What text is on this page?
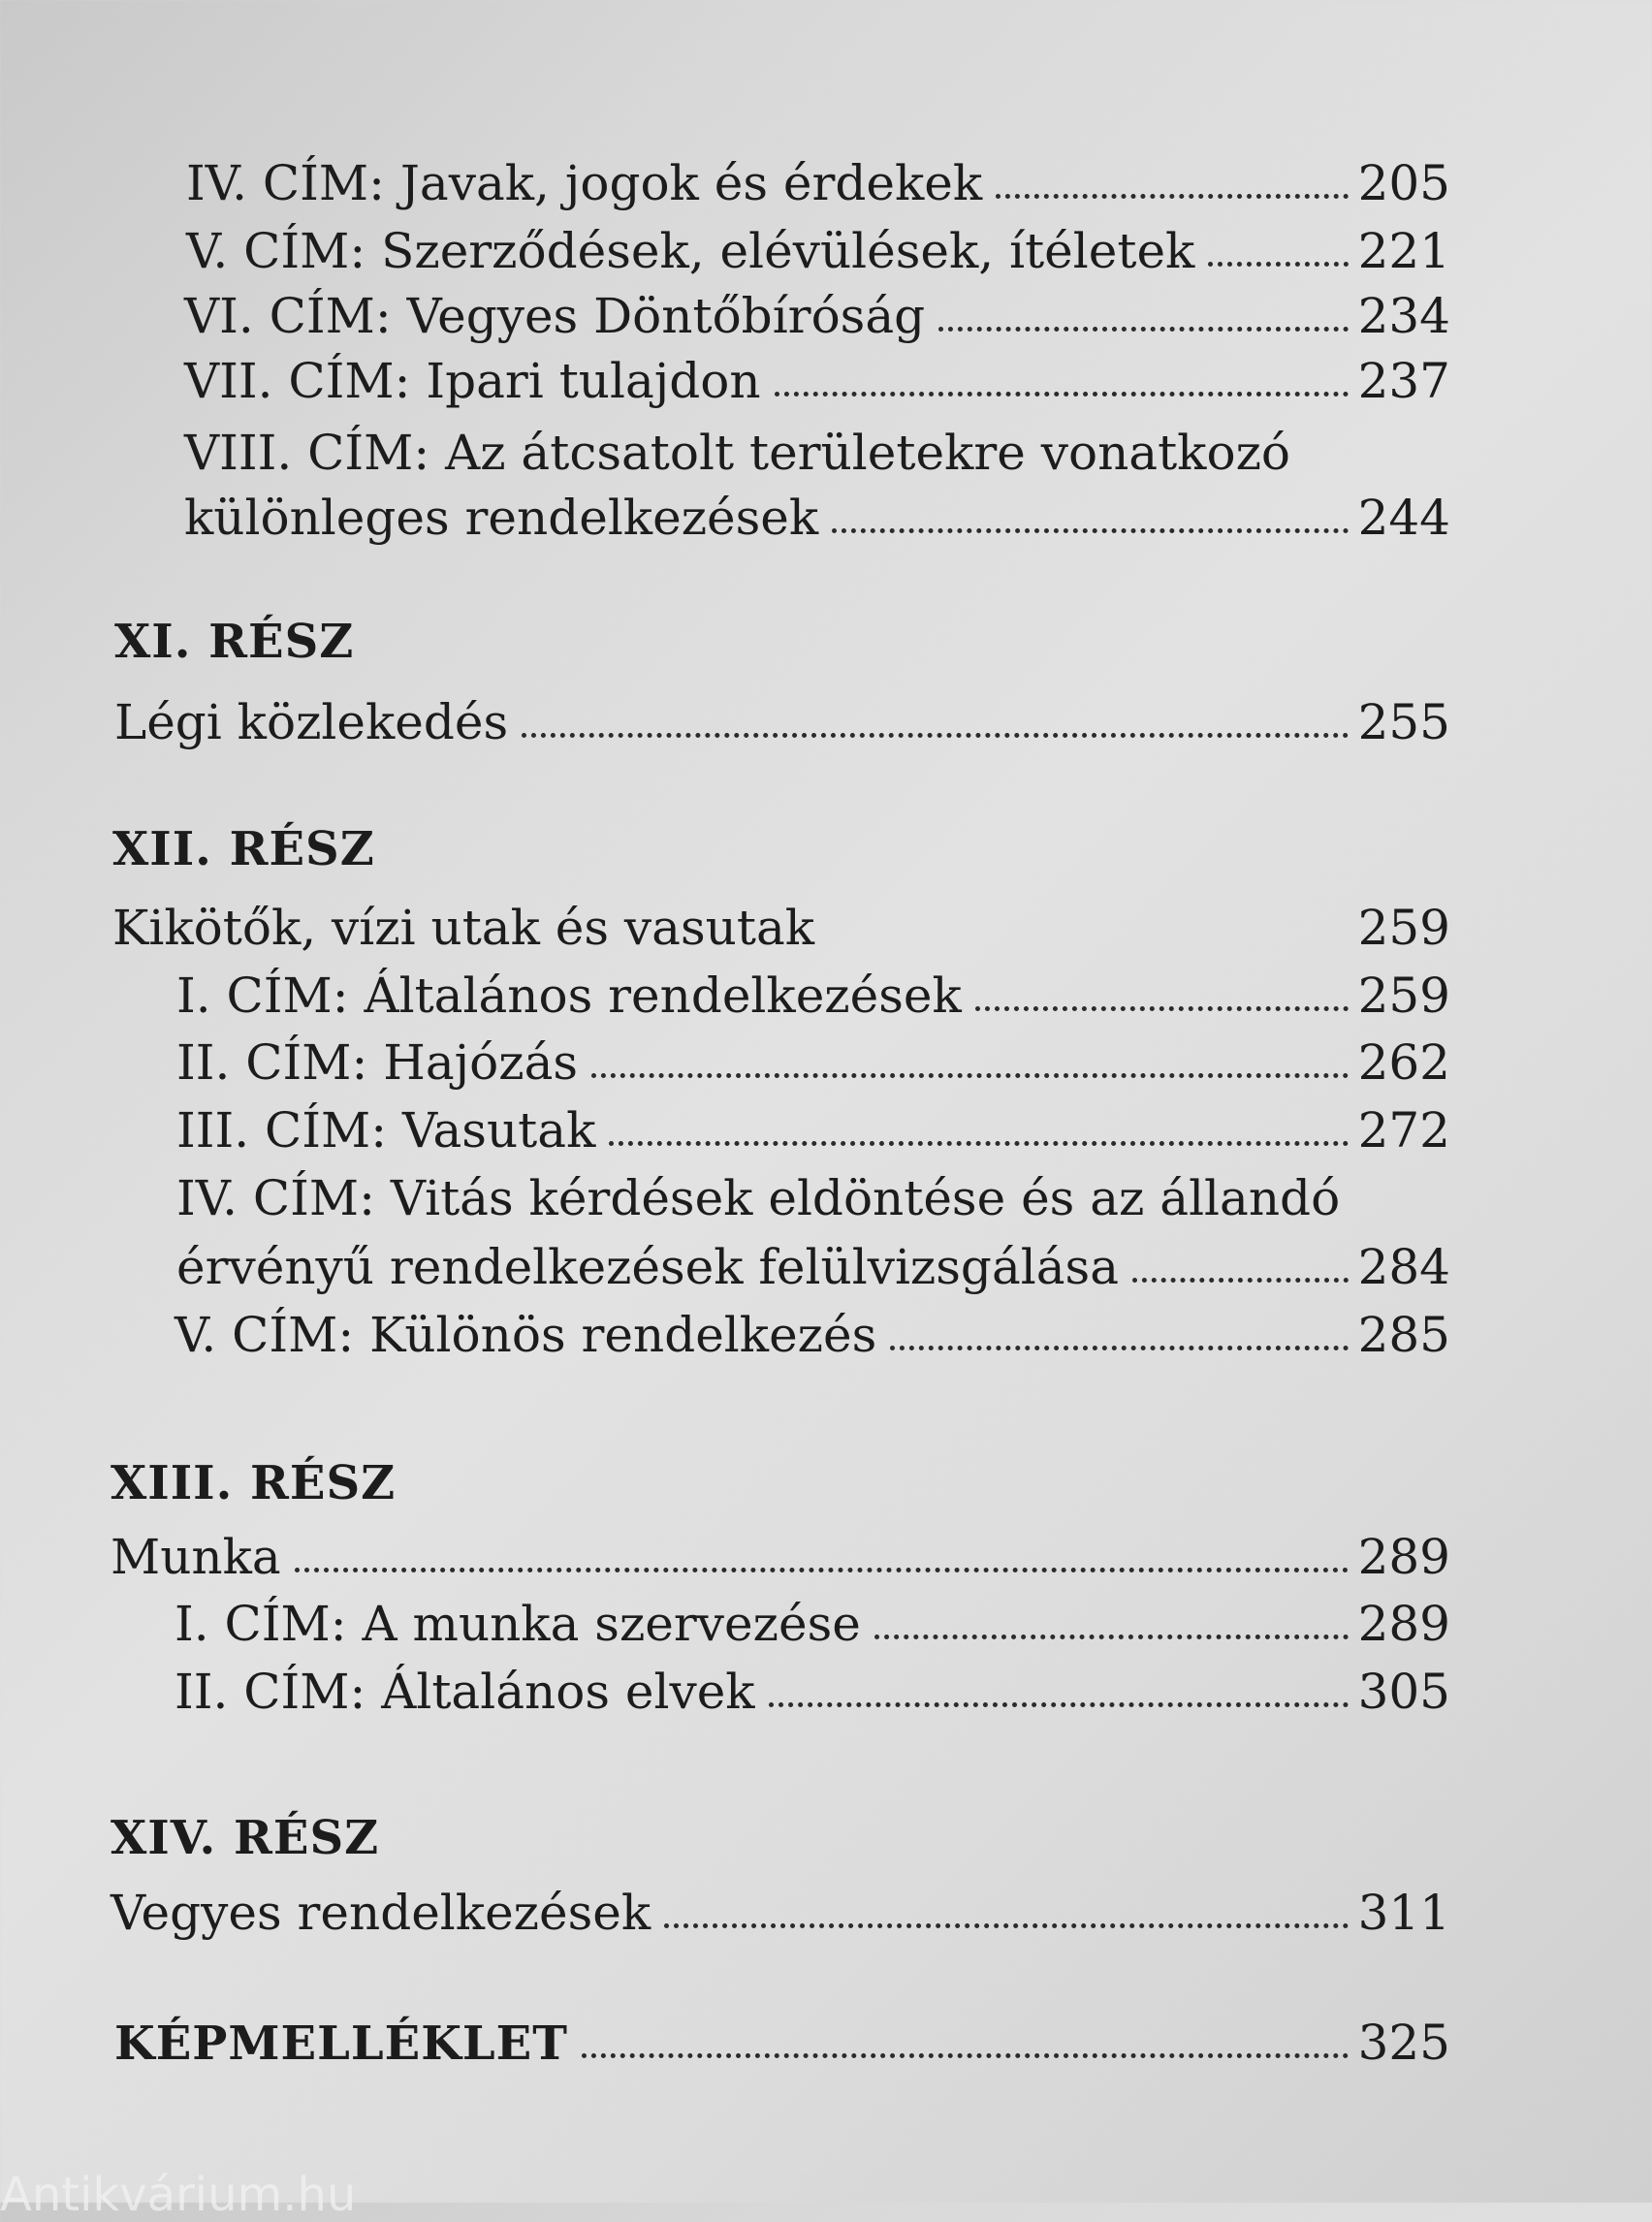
IV. CÍM: Javak, jogok és érdekek	205
V. CÍM: Szerződések, elévülések, ítéletek	221
VI. CÍM: Vegyes Döntőbíróság	234
VII. CÍM: Ipari tulajdon	237
VIII. CÍM: Az átcsatolt területekre vonatkozó
különleges rendelkezések	244
XI. RÉSZ
Légi közlekedés	255
XII. RÉSZ
Kikötők, vízi utak és vasutak	259
I. CÍM: Általános rendelkezések	259
II. CÍM: Hajózás	262
III. CÍM: Vasutak	272
IV. CÍM: Vitás kérdések eldöntése és az állandó
érvényű rendelkezések felülvizsgálása	284
V. CÍM: Különös rendelkezés	285
XIII. RÉSZ
Munka	289
I. CÍM: A munka szervezése	289
II. CÍM: Általános elvek	305
XIV. RÉSZ
Vegyes rendelkezések	311
KÉPMELLÉKLET	325
Antikvárium.hu
